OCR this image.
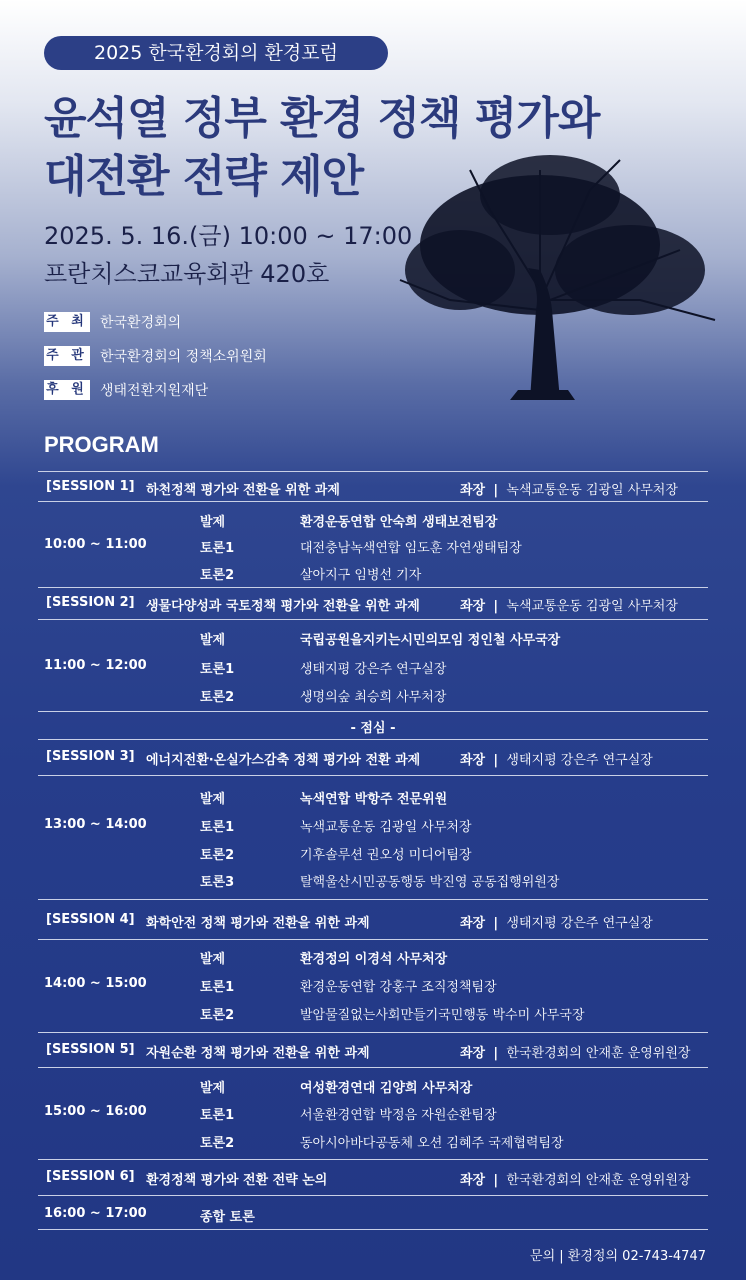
2025 한국환경회의 환경포럼
윤석열 정부 환경 정책 평가와
대전환 전략 제안
2025. 5. 16.(금) 10:00 ~ 17:00
프란치스코교육회관 420호
주 최 한국환경회의
주 관 한국환경회의 정책소위원회
후 원 생태전환지원재단
PROGRAM
[SESSION 1] 하천정책 평가와 전환을 위한 과제	좌장 | 녹색교통운동 김광일 사무처장
10:00 ~ 11:00
발제	환경운동연합 안숙희 생태보전팀장
토론1	대전충남녹색연합 임도훈 자연생태팀장
토론2	살아지구 임병선 기자
[SESSION 2] 생물다양성과 국토정책 평가와 전환을 위한 과제	좌장 | 녹색교통운동 김광일 사무처장
11:00 ~ 12:00
발제	국립공원을지키는시민의모임 정인철 사무국장
토론1	생태지평 강은주 연구실장
토론2	생명의숲 최승희 사무처장
- 점심 -
[SESSION 3] 에너지전환·온실가스감축 정책 평가와 전환 과제	좌장 | 생태지평 강은주 연구실장
13:00 ~ 14:00
발제	녹색연합 박항주 전문위원
토론1	녹색교통운동 김광일 사무처장
토론2	기후솔루션 권오성 미디어팀장
토론3	탈핵울산시민공동행동 박진영 공동집행위원장
[SESSION 4] 화학안전 정책 평가와 전환을 위한 과제	좌장 | 생태지평 강은주 연구실장
14:00 ~ 15:00
발제	환경정의 이경석 사무처장
토론1	환경운동연합 강홍구 조직정책팀장
토론2	발암물질없는사회만들기국민행동 박수미 사무국장
[SESSION 5] 자원순환 정책 평가와 전환을 위한 과제	좌장 | 한국환경회의 안재훈 운영위원장
15:00 ~ 16:00
발제	여성환경연대 김양희 사무처장
토론1	서울환경연합 박정음 자원순환팀장
토론2	동아시아바다공동체 오션 김혜주 국제협력팀장
[SESSION 6] 환경정책 평가와 전환 전략 논의	좌장 | 한국환경회의 안재훈 운영위원장
16:00 ~ 17:00	종합 토론
문의 | 환경정의 02-743-4747
